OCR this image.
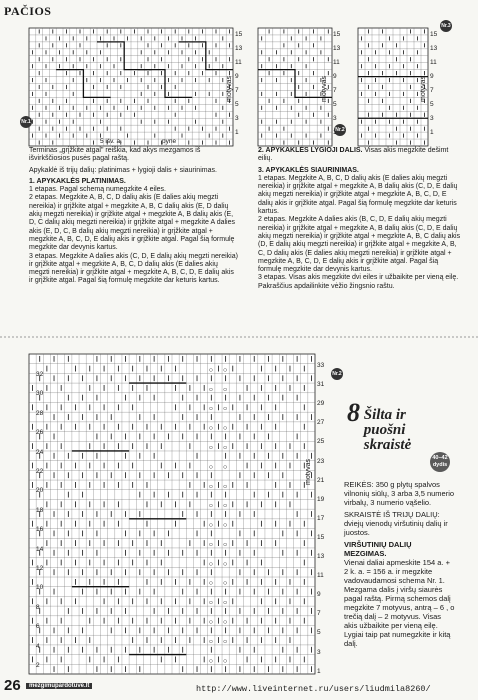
PAČIOS
○ ○
○ ○
○ ○
○ ○
○ ○
○ ○
○ ○
○ ○
○ ○
○ ○
○ ○
○ ○
○ ○
○ ○
○ ○
○ ○
Nr.1
5 išv. a.	pyne
motyvas
15
13
11
9
7
5
3
1	Nr.2
motyvas
15
13
11
9
7
5
3
1
Nr.3
motyvas
15
13
11
9
7
5
3
1
Nr.2
motyvas
32
30
28
26
24
22
20
18
16
14
12
10
8
6
4
2
33
31
29
27
25
23
21
19
17
15
13
11
9
7
5
3
1

Terminas „grįžkite atgal" reiškia, kad akys mezgamos iš išvirkščiosios pusės pagal raštą.

Apykaklė iš trijų dalių: platinimas + lygioji dalis + siaurinimas.

1. APYKAKLĖS PLATINIMAS.

1 etapas. Pagal schemą numegzkite 4 eiles.

2 etapas. Megzkite A, B, C, D dalių akis (E dalies akių megzti nereikia) ir grįžkite atgal + megzkite A, B, C dalių akis (E, D dalių akių megzti nereikia) ir grįžkite atgal + megzkite A, B dalių akis (E, D, C dalių akių megzti nereikia) ir grįžkite atgal + megzkite A dalies akis (E, D, C, B dalių akių megzti nereikia) ir grįžkite atgal + megzkite A, B, C, D, E dalių akis ir grįžkite atgal. Pagal šią formulę megzkite dar devynis kartus.

3 etapas. Megzkite A dalies akis (C, D, E dalių akių megzti nereikia) ir grįžkite atgal + megzkite A, B, C, D dalių akis (E dalies akių megzti nereikia) ir grįžkite atgal + megzkite A, B, C, D, E dalių akis ir grįžkite atgal. Pagal šią formulę megzkite dar keturis kartus.

2. APYKAKLĖS LYGIOJI DALIS. Visas akis megzkite dešimt eilių.

3. APYKAKLĖS SIAURINIMAS.

1 etapas. Megzkite A, B, C, D dalių akis (E dalies akių megzti nereikia) ir grįžkite atgal + megzkite A, B dalių akis (C, D, E dalių akių megzti nereikia) ir grįžkite atgal + megzkite A, B, C, D, E dalių akis ir grįžkite atgal. Pagal šią formulę megzkite dar keturis kartus.

2 etapas. Megzkite A dalies akis (B, C, D, E dalių akių megzti nereikia) ir grįžkite atgal + megzkite A, B dalių akis (C, D, E dalių akių megzti nereikia) ir grįžkite atgal + megzkite A, B, C dalių akis (D, E dalių akių megzti nereikia) ir grįžkite atgal + megzkite A, B, C, D dalių akis (E dalies akių megzti nereikia) ir grįžkite atgal + megzkite A, B, C, D, E dalių akis ir grįžkite atgal. Pagal šią formulę megzkite dar devynis kartus.

3 etapas. Visas akis megzkite dvi eiles ir užbaikite per vieną eilę. Pakraščius apdailinkite vėžio žingsnio raštu.

8 Šilta ir puošni skraistė
40–42 dydis

REIKĖS: 350 g plytų spalvos vilnonių siūlų, 3 arba 3,5 numerio virbalų, 3 numerio vąšelio.

SKRAISTĖ IŠ TRIJŲ DALIŲ: dviejų vienodų viršutinių dalių ir juostos.

VIRŠUTINIŲ DALIŲ MEZGIMAS.

Vienai daliai apmeskite 154 a. + 2 k. a. = 156 a. ir megzkite vadovaudamosi schema Nr. 1. Mezgama dalis į viršų siaurės pagal raštą. Pirmą schemos dalį megzkite 7 motyvus, antrą – 6 , o trečią dalį – 2 motyvus. Visas akis užbaikite per vieną eilę. Lygiai taip pat numegzkite ir kitą dalį.

26	mezgimupardotuve.lt	http://www.liveinternet.ru/users/liudmila8260/
